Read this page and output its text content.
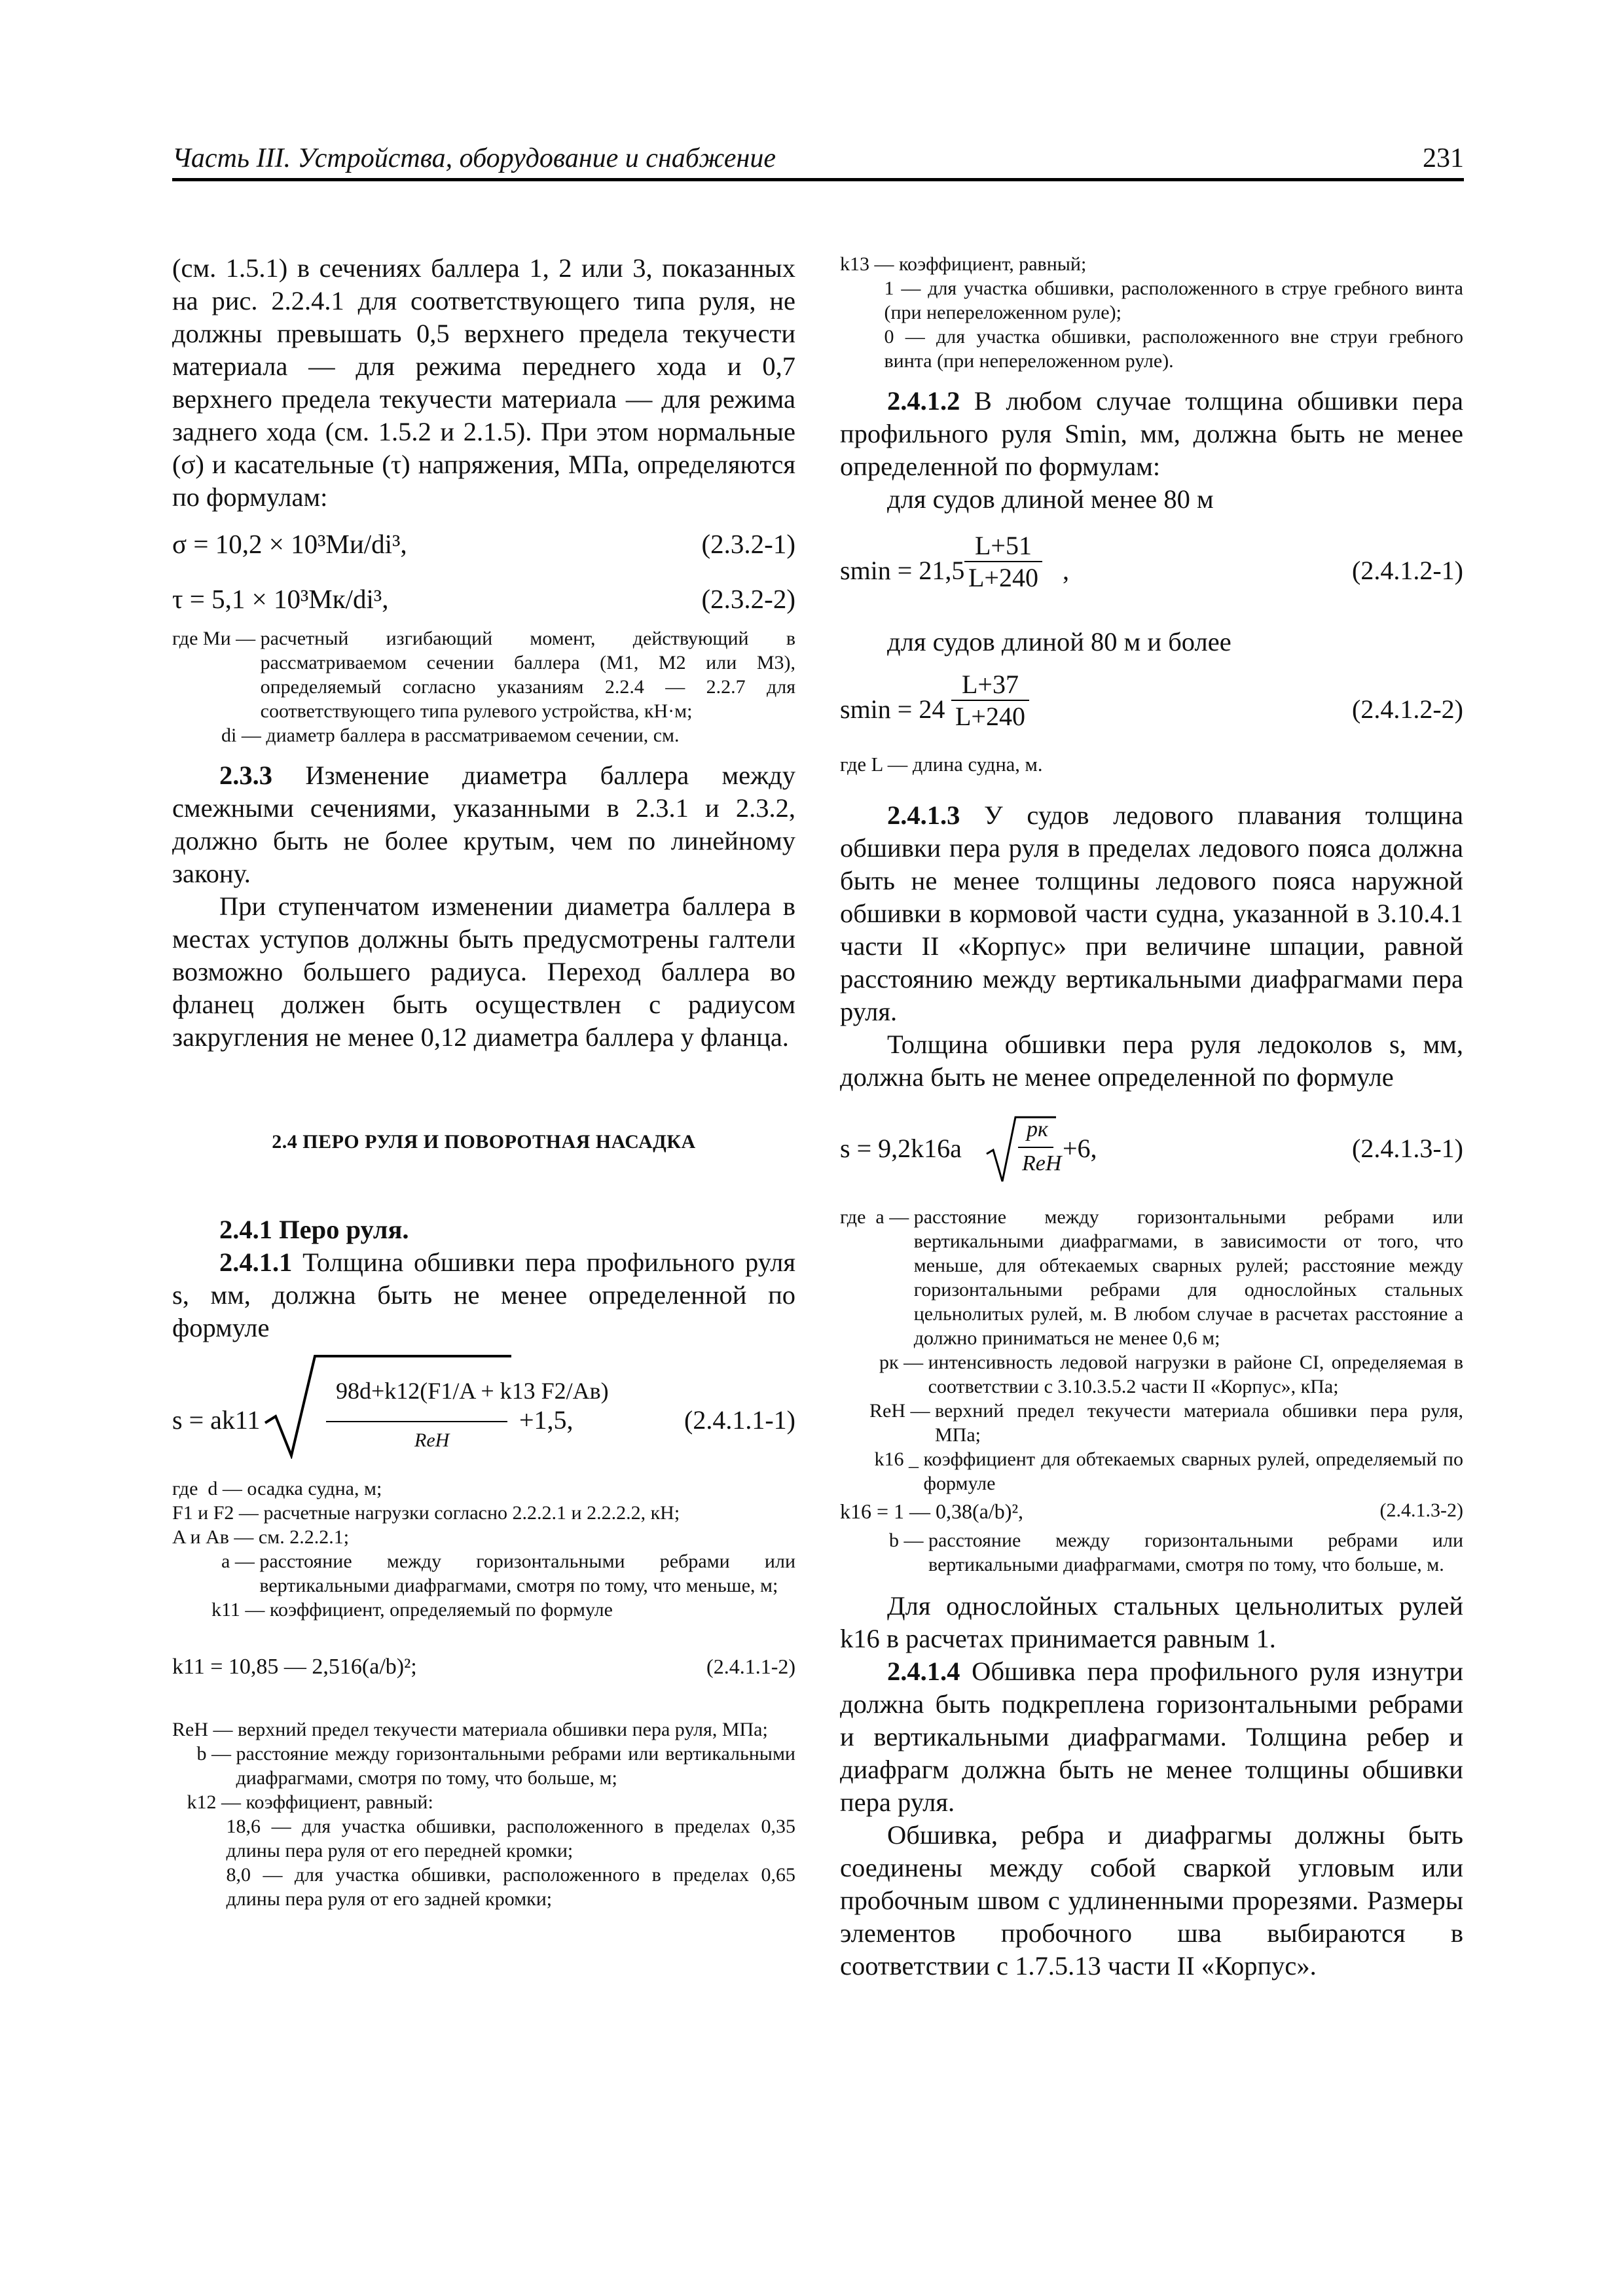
Часть III. Устройства, оборудование и снабжение	231

(см. 1.5.1) в сечениях баллера 1, 2 или 3, показанных на рис. 2.2.4.1 для соответствующего типа руля, не должны превышать 0,5 верхнего предела текучести материала — для режима переднего хода и 0,7 верхнего предела текучести материала — для режима заднего хода (см. 1.5.2 и 2.1.5). При этом нормальные (σ) и касательные (τ) напряжения, МПа, определяются по формулам:

σ = 10,2 × 10³Mи/di³,	(2.3.2-1)
τ = 5,1 × 10³Mк/di³,	(2.3.2-2)
где Mи — расчетный изгибающий момент, действующий в рассматриваемом сечении баллера (M1, M2 или M3), определяемый согласно указаниям 2.2.4 — 2.2.7 для соответствующего типа рулевого устройства, кН·м;
di — диаметр баллера в рассматриваемом сечении, см.

2.3.3 Изменение диаметра баллера между смежными сечениями, указанными в 2.3.1 и 2.3.2, должно быть не более крутым, чем по линейному закону.

При ступенчатом изменении диаметра баллера в местах уступов должны быть предусмотрены галтели возможно большего радиуса. Переход баллера во фланец должен быть осуществлен с радиусом закругления не менее 0,12 диаметра баллера у фланца.

2.4 ПЕРО РУЛЯ И ПОВОРОТНАЯ НАСАДКА

2.4.1 Перо руля.

2.4.1.1 Толщина обшивки пера профильного руля s, мм, должна быть не менее определенной по формуле

s = ak11
98d+k12(F1/A + k13 F2/Aв)
ReH
+1,5,	(2.4.1.1-1)
где  d — осадка судна, м;
F1 и F2 — расчетные нагрузки согласно 2.2.2.1 и 2.2.2.2, кН;
A и Aв — см. 2.2.2.1;
a — расстояние между горизонтальными ребрами или вертикальными диафрагмами, смотря по тому, что меньше, м;
k11 — коэффициент, определяемый по формуле
k11 = 10,85 — 2,516(a/b)²;	(2.4.1.1-2)
ReH — верхний предел текучести материала обшивки пера руля, МПа;
b — расстояние между горизонтальными ребрами или вертикальными диафрагмами, смотря по тому, что больше, м;
k12 — коэффициент, равный:

18,6 — для участка обшивки, расположенного в пределах 0,35 длины пера руля от его передней кромки;

8,0 — для участка обшивки, расположенного в пределах 0,65 длины пера руля от его задней кромки;
k13 — коэффициент, равный;

1 — для участка обшивки, расположенного в струе гребного винта (при непереложенном руле);

0 — для участка обшивки, расположенного вне струи гребного винта (при непереложенном руле).

2.4.1.2 В любом случае толщина обшивки пера профильного руля Smin, мм, должна быть не менее определенной по формулам:

для судов длиной менее 80 м

$smin = 21,5 \frac{L+51}{L+240}$ ,	(2.4.1.2-1)

для судов длиной 80 м и более

$smin = 24 \frac{L+37}{L+240}$	(2.4.1.2-2)

где L — длина судна, м.

2.4.1.3 У судов ледового плавания толщина обшивки пера руля в пределах ледового пояса должна быть не менее толщины ледового пояса наружной обшивки в кормовой части судна, указанной в 3.10.4.1 части II «Корпус» при величине шпации, равной расстоянию между вертикальными диафрагмами пера руля.

Толщина обшивки пера руля ледоколов s, мм, должна быть не менее определенной по формуле

s = 9,2k16a
pк
ReH
+6,	(2.4.1.3-1)
где  a — расстояние между горизонтальными ребрами или вертикальными диафрагмами, в зависимости от того, что меньше, для обтекаемых сварных рулей; расстояние между горизонтальными ребрами для однослойных стальных цельнолитых рулей, м. В любом случае в расчетах расстояние a должно приниматься не менее 0,6 м;
pк — интенсивность ледовой нагрузки в районе CI, определяемая в соответствии с 3.10.3.5.2 части II «Корпус», кПа;
ReH — верхний предел текучести материала обшивки пера руля, МПа;
k16 _ коэффициент для обтекаемых сварных рулей, определяемый по формуле
k16 = 1 — 0,38(a/b)²,	(2.4.1.3-2)
b — расстояние между горизонтальными ребрами или вертикальными диафрагмами, смотря по тому, что больше, м.

Для однослойных стальных цельнолитых рулей k16 в расчетах принимается равным 1.

2.4.1.4 Обшивка пера профильного руля изнутри должна быть подкреплена горизонтальными ребрами и вертикальными диафрагмами. Толщина ребер и диафрагм должна быть не менее толщины обшивки пера руля.

Обшивка, ребра и диафрагмы должны быть соединены между собой сваркой угловым или пробочным швом с удлиненными прорезями. Размеры элементов пробочного шва выбираются в соответствии с 1.7.5.13 части II «Корпус».
